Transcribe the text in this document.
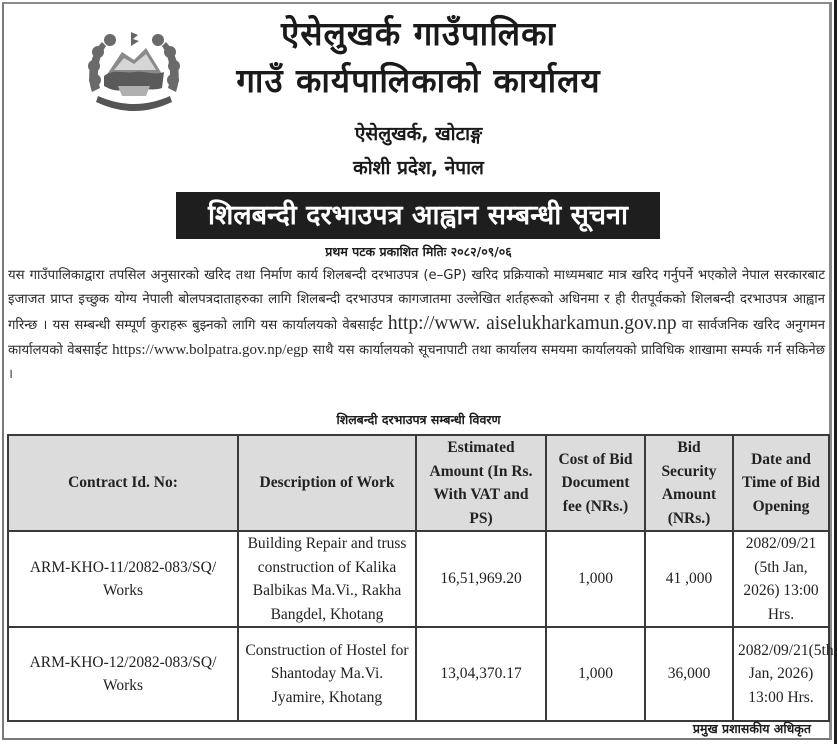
ऐसेलुखर्क गाउँपालिका
गाउँ कार्यपालिकाको कार्यालय
ऐसेलुखर्क, खोटाङ्ग
कोशी प्रदेश, नेपाल
शिलबन्दी दरभाउपत्र आह्वान सम्बन्धी सूचना
प्रथम पटक प्रकाशित मितिः २०८२/०९/०६
यस गाउँपालिकाद्वारा तपसिल अनुसारको खरिद तथा निर्माण कार्य शिलबन्दी दरभाउपत्र (e–GP) खरिद प्रक्रियाको माध्यमबाट मात्र खरिद गर्नुपर्ने भएकोले नेपाल सरकारबाट इजाजत प्राप्त इच्छुक योग्य नेपाली बोलपत्रदाताहरुका लागि शिलबन्दी दरभाउपत्र कागजातमा उल्लेखित शर्तहरूको अधिनमा र ही रीतपूर्वकको शिलबन्दी दरभाउपत्र आह्वान गरिन्छ । यस सम्बन्धी सम्पूर्ण कुराहरू बुझ्नको लागि यस कार्यालयको वेबसाईट http://www. aiselukharkamun.gov.np वा सार्वजनिक खरिद अनुगमन कार्यालयको वेबसाईट https://www.bolpatra.gov.np/egp साथै यस कार्यालयको सूचनापाटी तथा कार्यालय समयमा कार्यालयको प्राविधिक शाखामा सम्पर्क गर्न सकिनेछ ।
शिलबन्दी दरभाउपत्र सम्बन्धी विवरण
Contract Id. No:	Description of Work	Estimated Amount (In Rs. With VAT and PS)	Cost of Bid Document fee (NRs.)	Bid Security Amount (NRs.)	Date and Time of Bid Opening
ARM-KHO-11/2082-083/SQ/ Works	Building Repair and truss construction of Kalika Balbikas Ma.Vi., Rakha Bangdel, Khotang	16,51,969.20	1,000	41 ,000	2082/09/21 (5th Jan, 2026) 13:00 Hrs.
ARM-KHO-12/2082-083/SQ/ Works	Construction of Hostel for Shantoday Ma.Vi. Jyamire, Khotang	13,04,370.17	1,000	36,000	2082/09/21(5th Jan, 2026) 13:00 Hrs.
प्रमुख प्रशासकीय अधिकृत
